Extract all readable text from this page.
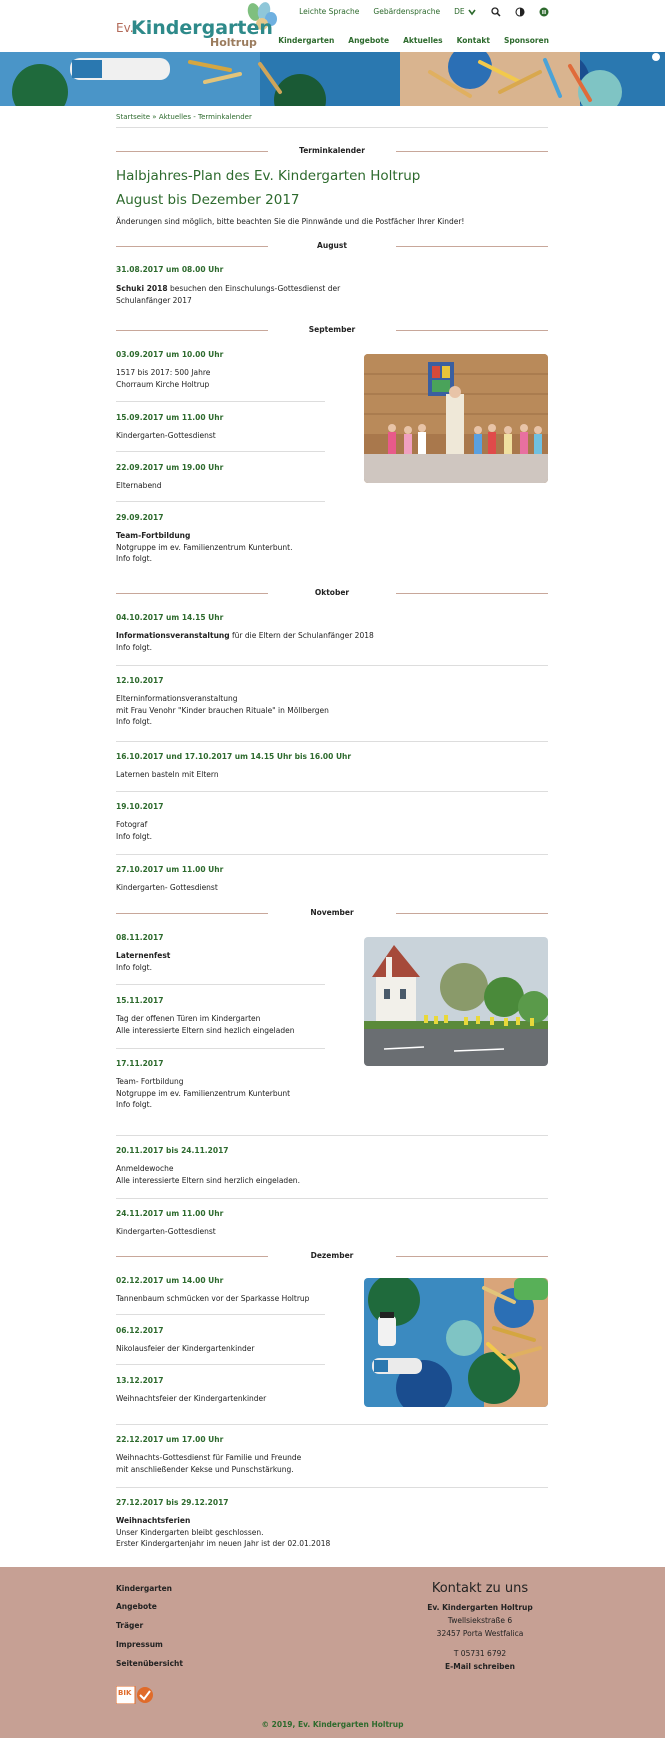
Ev.
Kindergarten
Holtrup
Leichte Sprache Gebärdensprache DE
Kindergarten Angebote Aktuelles Kontakt Sponsoren
Startseite » Aktuelles - Terminkalender
Terminkalender
Halbjahres-Plan des Ev. Kindergarten Holtrup
August bis Dezember 2017
Änderungen sind möglich, bitte beachten Sie die Pinnwände und die Postfächer Ihrer Kinder!
August
31.08.2017 um 08.00 Uhr
Schuki 2018 besuchen den Einschulungs-Gottesdienst der
Schulanfänger 2017
September
03.09.2017 um 10.00 Uhr
1517 bis 2017: 500 Jahre
Chorraum Kirche Holtrup
15.09.2017 um 11.00 Uhr
Kindergarten-Gottesdienst
22.09.2017 um 19.00 Uhr
Elternabend
29.09.2017
Team-Fortbildung
Notgruppe im ev. Familienzentrum Kunterbunt.
Info folgt.
Oktober
04.10.2017 um 14.15 Uhr
Informationsveranstaltung für die Eltern der Schulanfänger 2018
Info folgt.
12.10.2017
Elterninformationsveranstaltung
mit Frau Venohr "Kinder brauchen Rituale" in Möllbergen
Info folgt.
16.10.2017 und 17.10.2017 um 14.15 Uhr bis 16.00 Uhr
Laternen basteln mit Eltern
19.10.2017
Fotograf
Info folgt.
27.10.2017 um 11.00 Uhr
Kindergarten- Gottesdienst
November
08.11.2017
Laternenfest
Info folgt.
15.11.2017
Tag der offenen Türen im Kindergarten
Alle interessierte Eltern sind hezlich eingeladen
17.11.2017
Team- Fortbildung
Notgruppe im ev. Familienzentrum Kunterbunt
Info folgt.
20.11.2017 bis 24.11.2017
Anmeldewoche
Alle interessierte Eltern sind herzlich eingeladen.
24.11.2017 um 11.00 Uhr
Kindergarten-Gottesdienst
Dezember
02.12.2017 um 14.00 Uhr
Tannenbaum schmücken vor der Sparkasse Holtrup
06.12.2017
Nikolausfeier der Kindergartenkinder
13.12.2017
Weihnachtsfeier der Kindergartenkinder
22.12.2017 um 17.00 Uhr
Weihnachts-Gottesdienst für Familie und Freunde
mit anschließender Kekse und Punschstärkung.
27.12.2017 bis 29.12.2017
Weihnachtsferien
Unser Kindergarten bleibt geschlossen.
Erster Kindergartenjahr im neuen Jahr ist der 02.01.2018
Kindergarten
Angebote
Träger
Impressum
Seitenübersicht
BIK
Kontakt zu uns
Ev. Kindergarten Holtrup
Twellsiekstraße 6
32457 Porta Westfalica
T 05731 6792
E-Mail schreiben
© 2019, Ev. Kindergarten Holtrup
